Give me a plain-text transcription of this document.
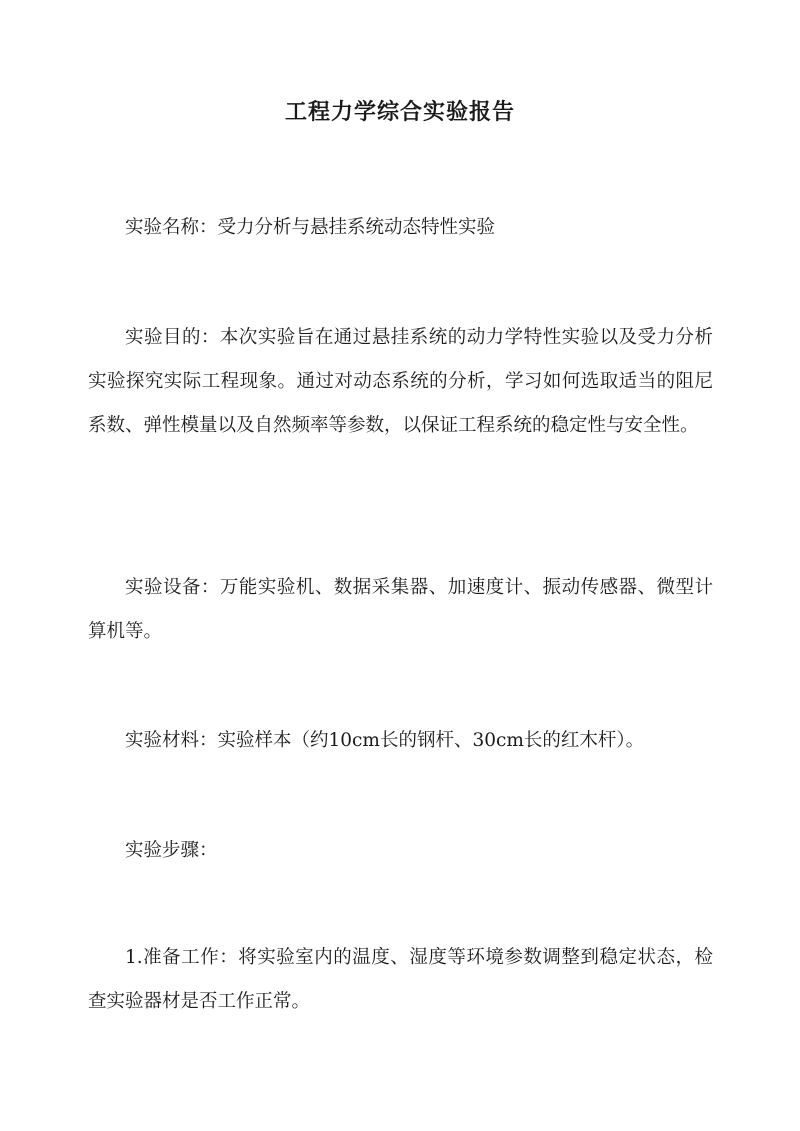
工程力学综合实验报告

实验名称：受力分析与悬挂系统动态特性实验

实验目的：本次实验旨在通过悬挂系统的动力学特性实验以及受力分析实验探究实际工程现象。通过对动态系统的分析，学习如何选取适当的阻尼系数、弹性模量以及自然频率等参数，以保证工程系统的稳定性与安全性。

实验设备：万能实验机、数据采集器、加速度计、振动传感器、微型计算机等。

实验材料：实验样本（约10cm长的钢杆、30cm长的红木杆）。

实验步骤：

1.准备工作：将实验室内的温度、湿度等环境参数调整到稳定状态，检查实验器材是否工作正常。
